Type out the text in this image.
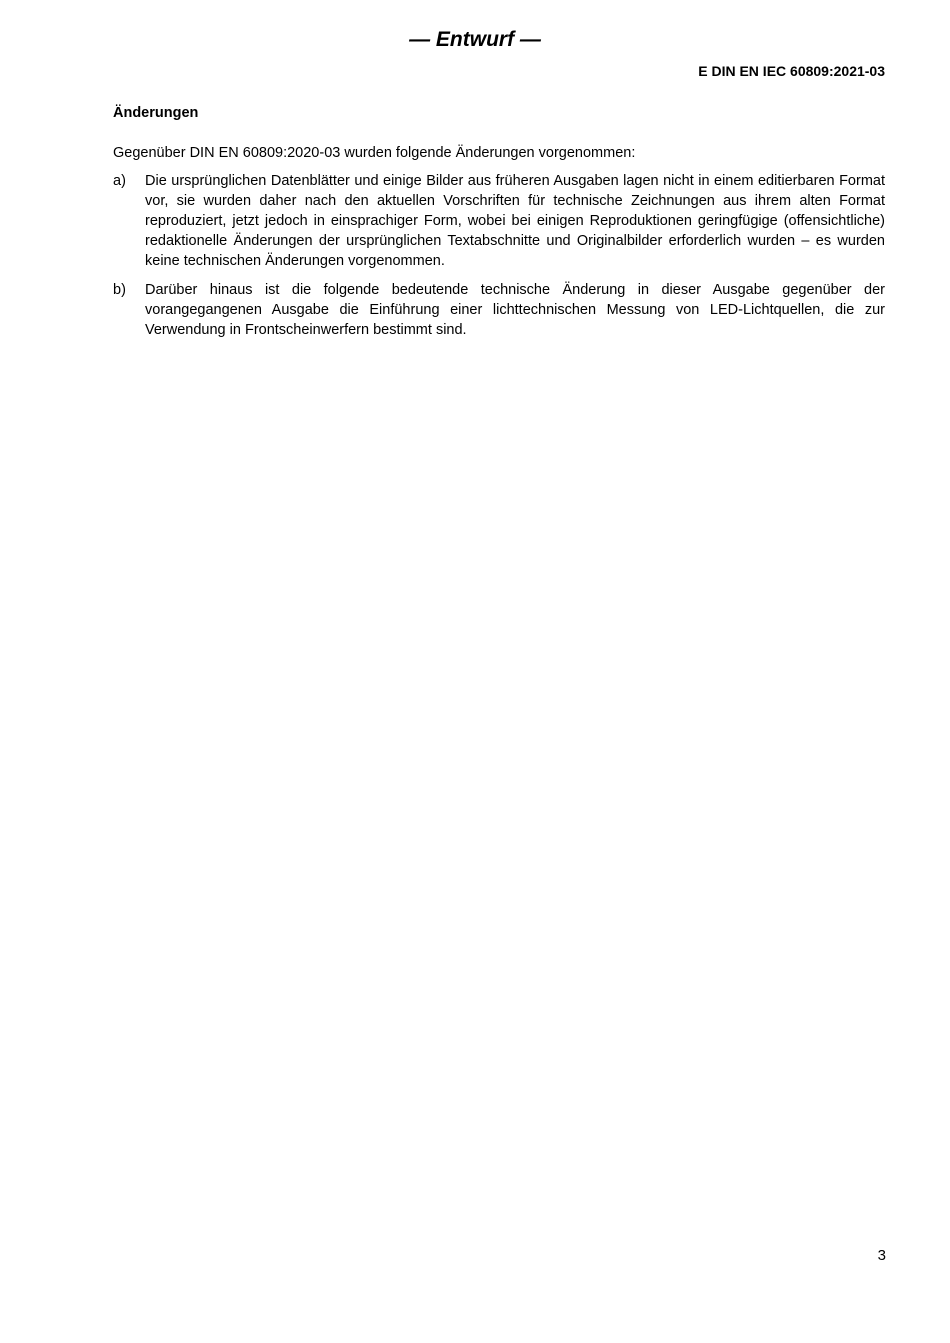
— Entwurf —
E DIN EN IEC 60809:2021-03
Änderungen
Gegenüber DIN EN 60809:2020-03 wurden folgende Änderungen vorgenommen:
a)	Die ursprünglichen Datenblätter und einige Bilder aus früheren Ausgaben lagen nicht in einem editierbaren Format vor, sie wurden daher nach den aktuellen Vorschriften für technische Zeichnungen aus ihrem alten Format reproduziert, jetzt jedoch in einsprachiger Form, wobei bei einigen Reproduktionen geringfügige (offensichtliche) redaktionelle Änderungen der ursprünglichen Textabschnitte und Originalbilder erforderlich wurden – es wurden keine technischen Änderungen vorgenommen.
b)	Darüber hinaus ist die folgende bedeutende technische Änderung in dieser Ausgabe gegenüber der vorangegangenen Ausgabe die Einführung einer lichttechnischen Messung von LED-Lichtquellen, die zur Verwendung in Frontscheinwerfern bestimmt sind.
3
